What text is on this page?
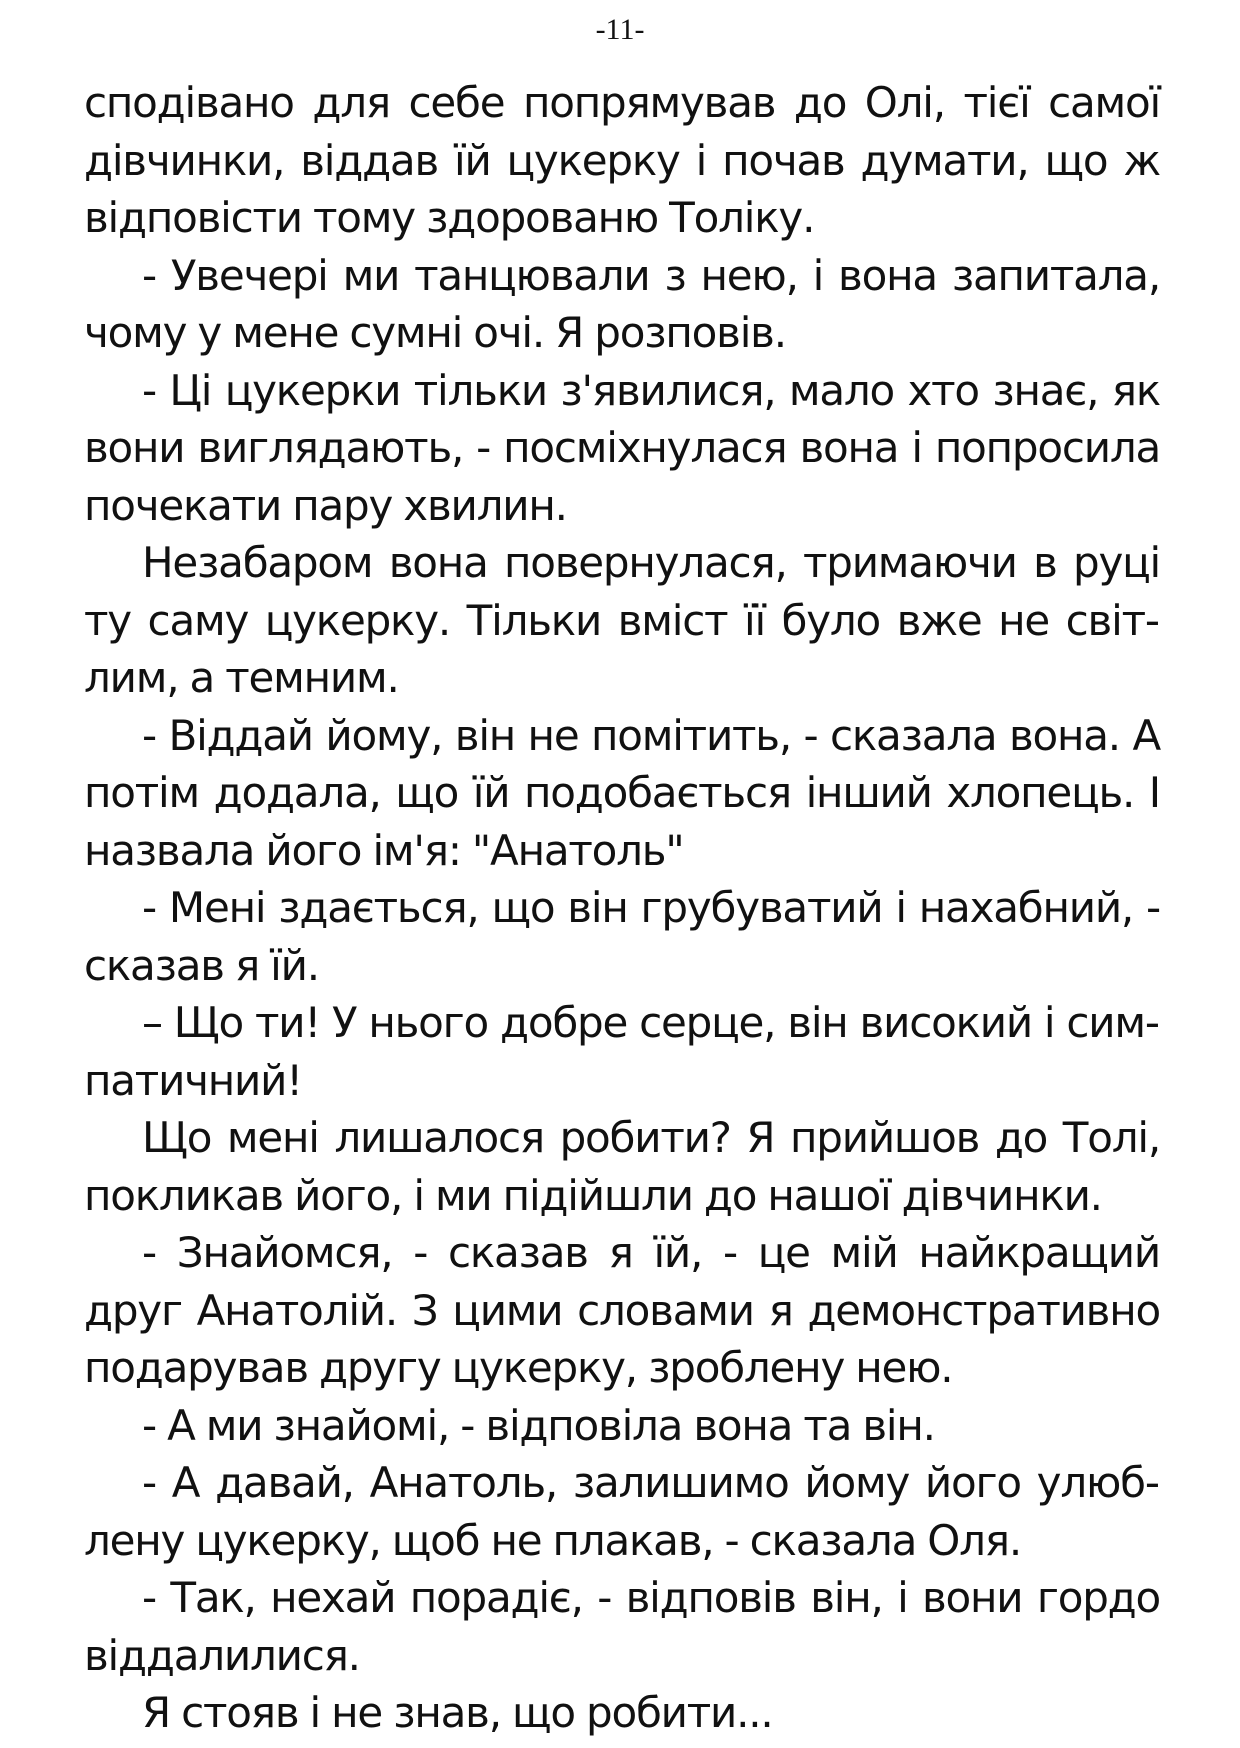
-11-

сподівано для себе попрямував до Олі, тієї самої дівчинки, віддав їй цукерку і почав думати, що ж відповісти тому здорованю Толіку.

- Увечері ми танцювали з нею, і вона запитала, чому у мене сумні очі. Я розповів.

- Ці цукерки тільки з'явилися, мало хто знає, як вони виглядають, - посміхнулася вона і попросила почекати пару хвилин.

Незабаром вона повернулася, тримаючи в руці ту саму цукерку. Тільки вміст її було вже не світлим, а темним.

- Віддай йому, він не помітить, - сказала вона. А потім додала, що їй подобається інший хлопець. І назвала його ім'я: "Анатоль"

- Мені здається, що він грубуватий і нахабний, - сказав я їй.

– Що ти! У нього добре серце, він високий і симпатичний!

Що мені лишалося робити? Я прийшов до Толі, покликав його, і ми підійшли до нашої дівчинки.

- Знайомся, - сказав я їй, - це мій найкращий друг Анатолій. З цими словами я демонстративно подарував другу цукерку, зроблену нею.

- А ми знайомі, - відповіла вона та він.

- А давай, Анатоль, залишимо йому його улюблену цукерку, щоб не плакав, - сказала Оля.

- Так, нехай порадіє, - відповів він, і вони гордо віддалилися.

Я стояв і не знав, що робити...
